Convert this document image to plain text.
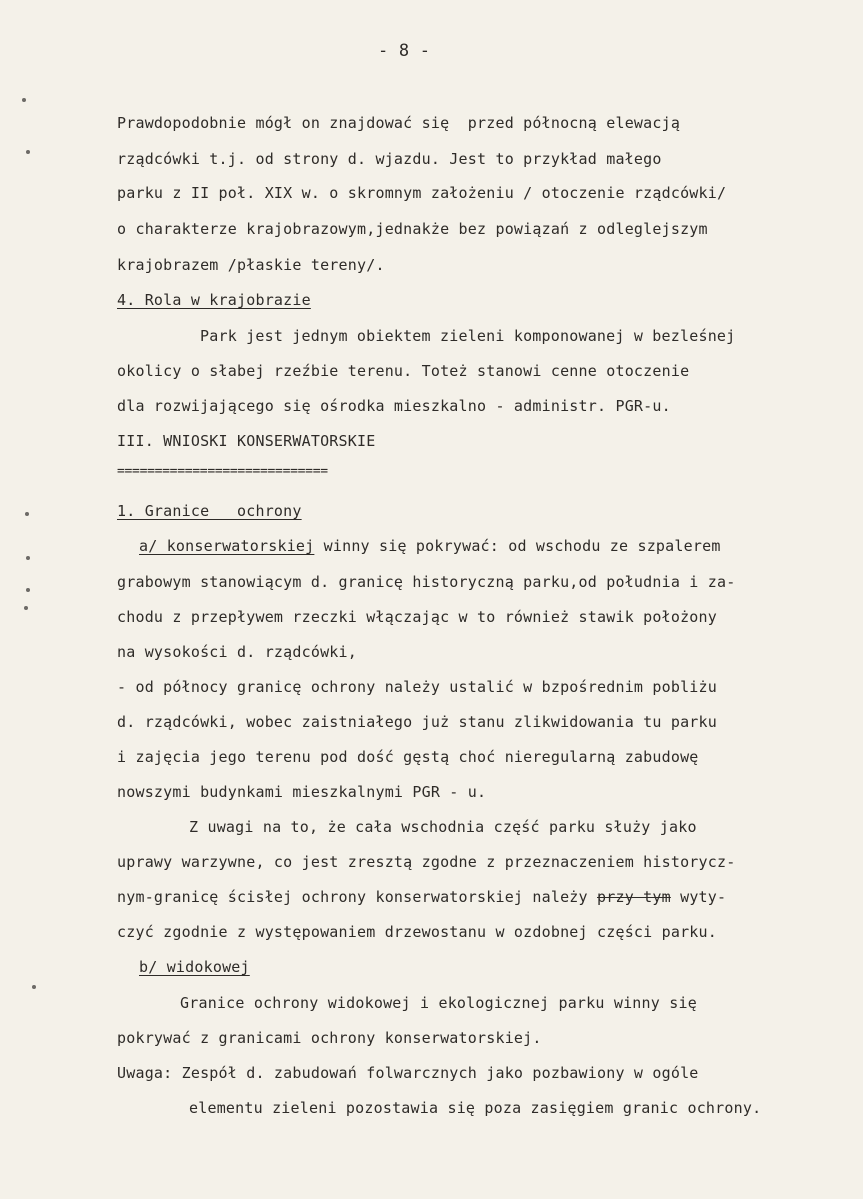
- 8 -
Prawdopodobnie mógł on znajdować się  przed północną elewacją
rządcówki t.j. od strony d. wjazdu. Jest to przykład małego
parku z II poł. XIX w. o skromnym założeniu / otoczenie rządcówki/
o charakterze krajobrazowym,jednakże bez powiązań z odleglejszym
krajobrazem /płaskie tereny/.
4. Rola w krajobrazie
Park jest jednym obiektem zieleni komponowanej w bezleśnej
okolicy o słabej rzeźbie terenu. Toteż stanowi cenne otoczenie
dla rozwijającego się ośrodka mieszkalno - administr. PGR-u.
III. WNIOSKI KONSERWATORSKIE
============================
1. Granice   ochrony
a/ konserwatorskiej winny się pokrywać: od wschodu ze szpalerem
grabowym stanowiącym d. granicę historyczną parku,od południa i za-
chodu z przepływem rzeczki włączając w to również stawik położony
na wysokości d. rządcówki,
- od północy granicę ochrony należy ustalić w bzpośrednim pobliżu
d. rządcówki, wobec zaistniałego już stanu zlikwidowania tu parku
i zajęcia jego terenu pod dość gęstą choć nieregularną zabudowę
nowszymi budynkami mieszkalnymi PGR - u.
Z uwagi na to, że cała wschodnia część parku służy jako
uprawy warzywne, co jest zresztą zgodne z przeznaczeniem historycz-
nym-granicę ścisłej ochrony konserwatorskiej należy przy tym wyty-
czyć zgodnie z występowaniem drzewostanu w ozdobnej części parku.
b/ widokowej
Granice ochrony widokowej i ekologicznej parku winny się
pokrywać z granicami ochrony konserwatorskiej.
Uwaga: Zespół d. zabudowań folwarcznych jako pozbawiony w ogóle
elementu zieleni pozostawia się poza zasięgiem granic ochrony.
